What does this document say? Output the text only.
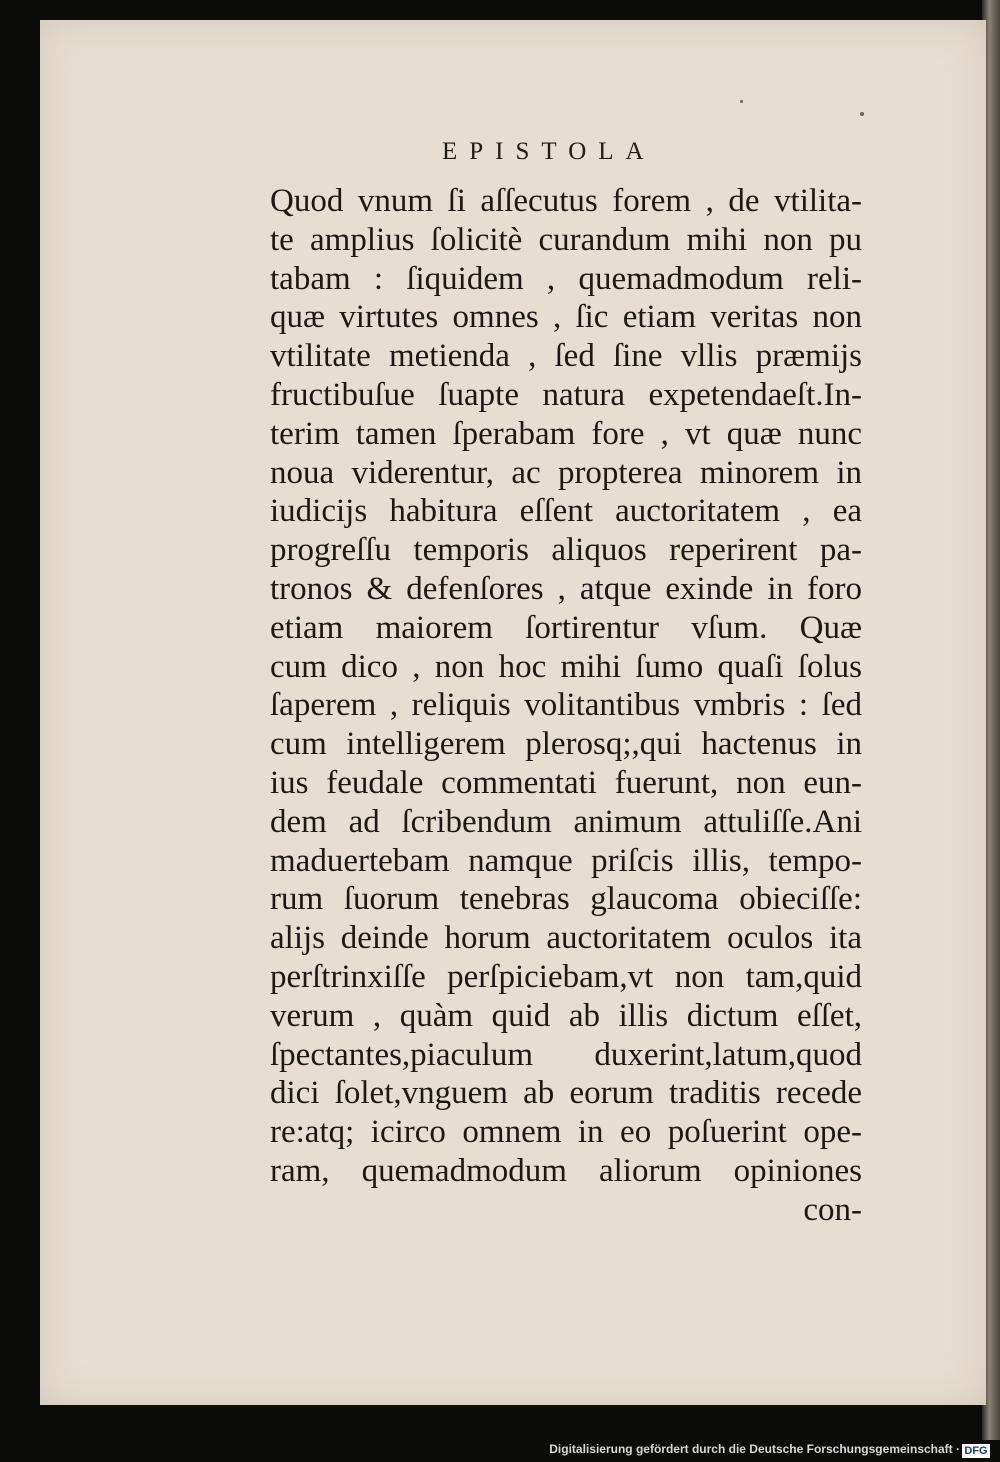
EPISTOLA
Quod vnum ſi aſſecutus forem , de vtilita-
te amplius ſolicitè curandum mihi non pu
tabam : ſiquidem , quemadmodum reli-
quæ virtutes omnes , ſic etiam veritas non
vtilitate metienda , ſed ſine vllis præmijs
fructibuſue ſuapte natura expetendaeſt.In-
terim tamen ſperabam fore , vt quæ nunc
noua viderentur, ac propterea minorem in
iudicijs habitura eſſent auctoritatem , ea
progreſſu temporis aliquos reperirent pa-
tronos & defenſores , atque exinde in foro
etiam maiorem ſortirentur vſum. Quæ
cum dico , non hoc mihi ſumo quaſi ſolus
ſaperem , reliquis volitantibus vmbris : ſed
cum intelligerem plerosq;,qui hactenus in
ius feudale commentati fuerunt, non eun-
dem ad ſcribendum animum attuliſſe.Ani
maduertebam namque priſcis illis, tempo-
rum ſuorum tenebras glaucoma obieciſſe:
alijs deinde horum auctoritatem oculos ita
perſtrinxiſſe perſpiciebam,vt non tam,quid
verum , quàm quid ab illis dictum eſſet,
ſpectantes,piaculum duxerint,latum,quod
dici ſolet,vnguem ab eorum traditis recede
re:atq; icirco omnem in eo poſuerint ope-
ram, quemadmodum aliorum opiniones
con-
Digitalisierung gefördert durch die Deutsche Forschungsgemeinschaft · DFG
